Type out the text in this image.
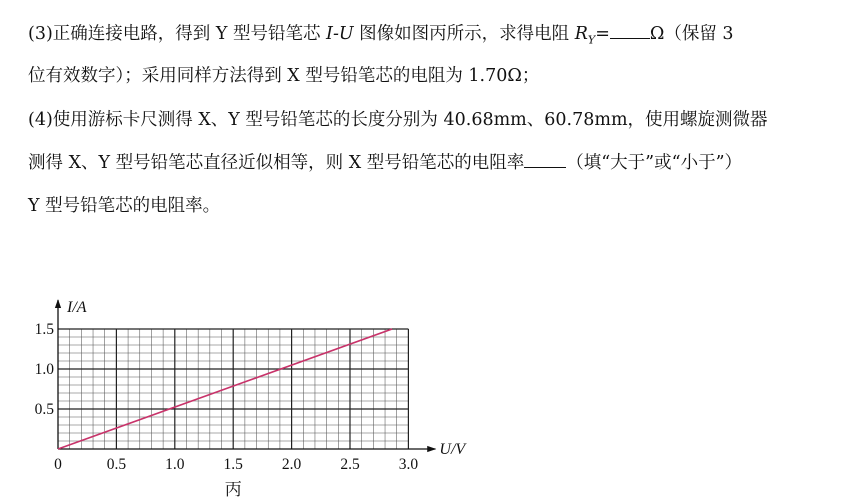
(3)正确连接电路，得到 Y 型号铅笔芯 I-U 图像如图丙所示，求得电阻 $R_Y= \Omega$（保留 3
位有效数字）；采用同样方法得到 X 型号铅笔芯的电阻为 1.70Ω；
(4)使用游标卡尺测得 X、Y 型号铅笔芯的长度分别为 40.68mm、60.78mm，使用螺旋测微器
测得 X、Y 型号铅笔芯直径近似相等，则 X 型号铅笔芯的电阻率 （填“大于”或“小于”）
Y 型号铅笔芯的电阻率。
0	0.5	1.0	1.5	2.0	2.5	3.0
0.5
1.0
1.5
U/V
I/A
丙
